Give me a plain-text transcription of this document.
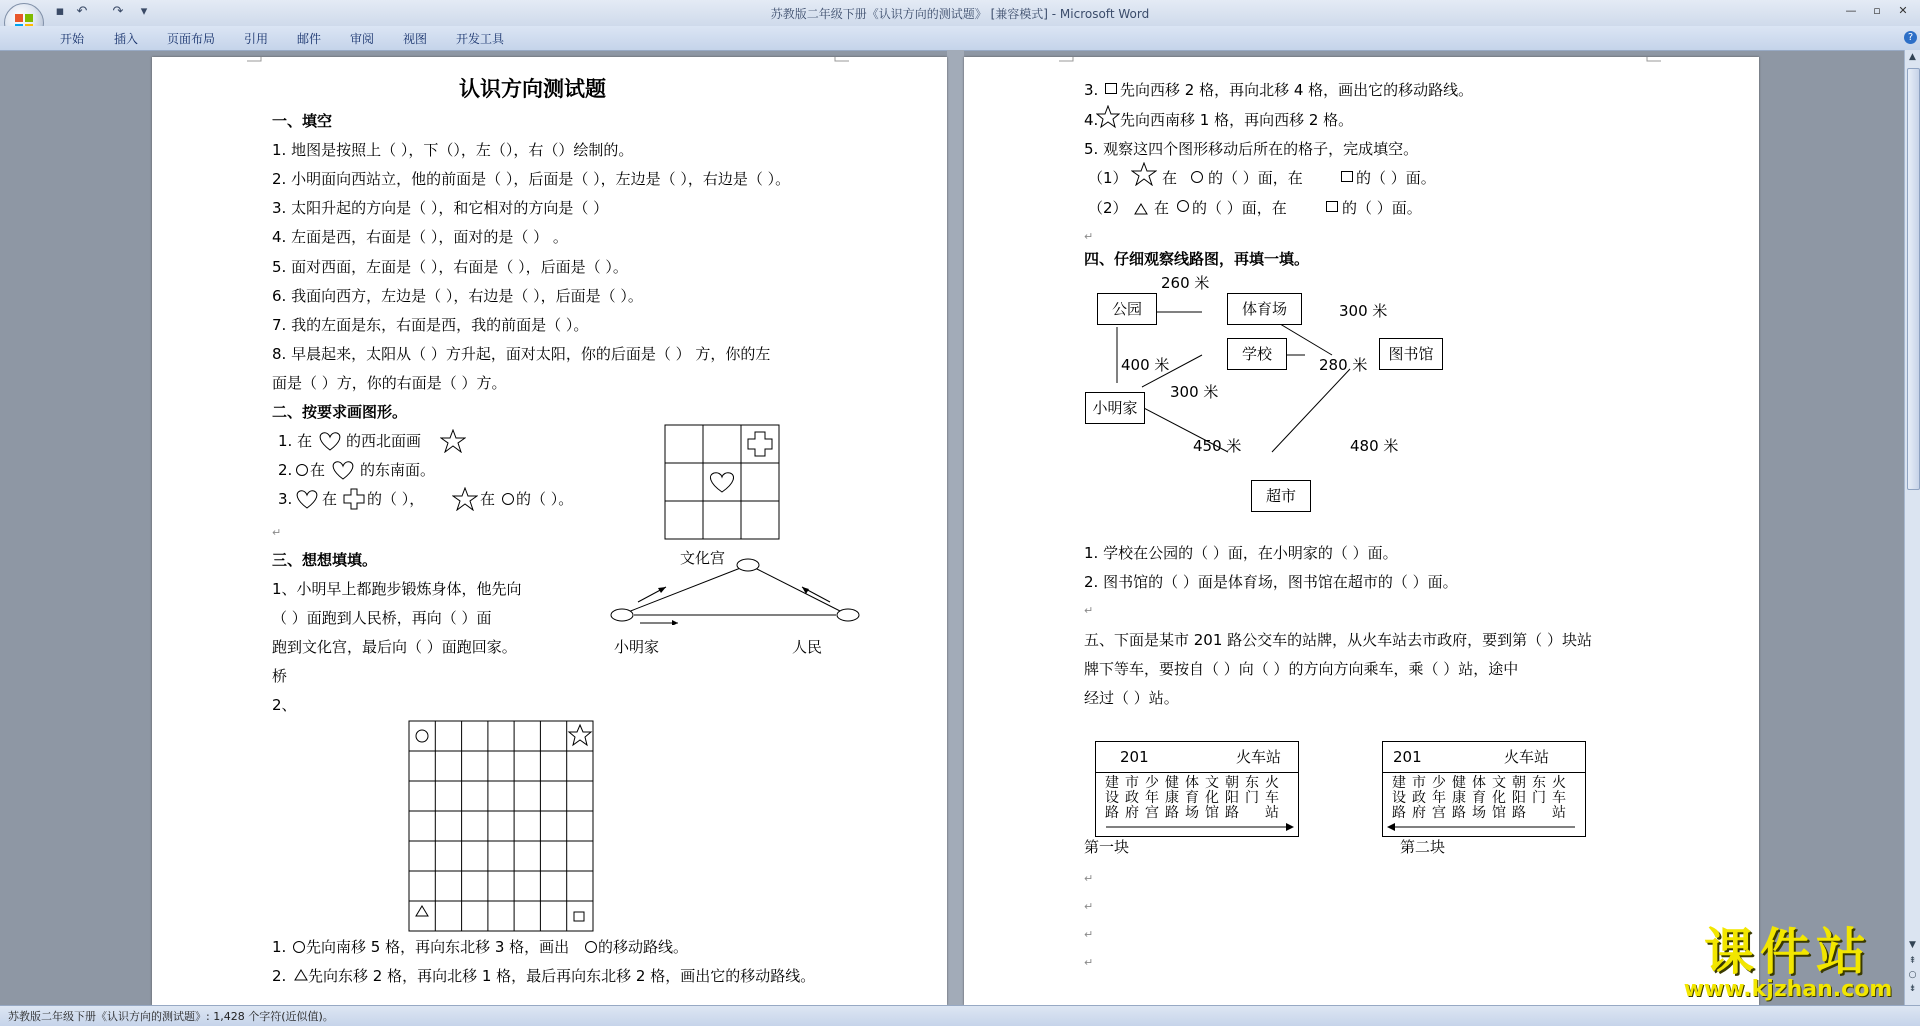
▪ ↶ ↷	▾	苏教版二年级下册《认识方向的测试题》 [兼容模式] - Microsoft Word	—	▫	✕
开始 插入 页面布局 引用 邮件 审阅 视图 开发工具	?
认识方向测试题
一、填空
1. 地图是按照上（ ），下（），左（），右（）绘制的。
2. 小明面向西站立，他的前面是（ ），后面是（ ），左边是（ ），右边是（ ）。
3. 太阳升起的方向是（ ），和它相对的方向是（ ）
4. 左面是西，右面是（ ），面对的是（ ） 。
5. 面对西面，左面是（ ），右面是（ ），后面是（ ）。
6. 我面向西方，左边是（ ），右边是（ ），后面是（ ）。
7. 我的左面是东，右面是西，我的前面是（ ）。
8. 早晨起来，太阳从（ ）方升起，面对太阳，你的后面是（ ） 方，你的左
面是（ ）方，你的右面是（ ）方。
二、按要求画图形。
1. 在 的西北面画
2. 在 的东南面。
3. 在 的（ ），	在 的（ ）。
↵
三、想想填填。
1、小明早上都跑步锻炼身体，他先向
（ ）面跑到人民桥，再向（ ）面
跑到文化宫，最后向（ ）面跑回家。
桥
2、
文化宫
小明家	人民
1. 先向南移 5 格，再向东北移 3 格，画出 的移动路线。
2. 先向东移 2 格，再向北移 1 格，最后再向东北移 2 格，画出它的移动路线。
3. 先向西移 2 格，再向北移 4 格，画出它的移动路线。
4. 先向西南移 1 格，再向西移 2 格。
5. 观察这四个图形移动后所在的格子，完成填空。
（1） 在 的（ ）面，在	的（ ）面。
（2） 在 的（ ）面，在	的（ ）面。
↵
四、仔细观察线路图，再填一填。
公园	体育场
学校	图书馆
小明家
超市
260 米
300 米
400 米
300 米
280 米
450 米	480 米
1. 学校在公园的（ ）面，在小明家的（ ）面。
2. 图书馆的（ ）面是体育场，图书馆在超市的（ ）面。
↵
五、下面是某市 201 路公交车的站牌，从火车站去市政府，要到第（ ）块站
牌下等车，要按自（ ）向（ ）的方向方向乘车，乘（ ）站，途中
经过（ ）站。
201	火车站
建设路
市政府
少年宫
健康路
体育场
文化馆
朝阳路
东门
火车站
第一块
201	火车站
建设路
市政府
少年宫
健康路
体育场
文化馆
朝阳路
东门
火车站
第二块
↵
↵
↵
↵
▲
▼
⇞
○
⇟
苏教版二年级下册《认识方向的测试题》: 1,428 个字符(近似值)。
课件站
www.kjzhan.com
